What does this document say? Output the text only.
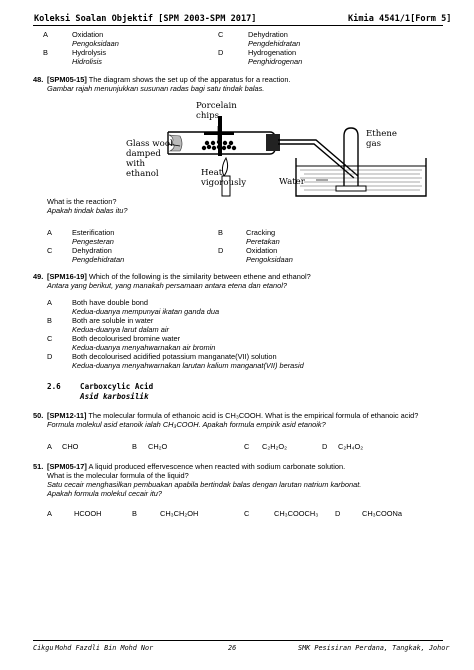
Koleksi Soalan Objektif [SPM 2003-SPM 2017]	Kimia 4541/1[Form 5]
A	Oxidation
Pengoksidaan
B	Hydrolysis
Hidrolisis
C	Dehydration
Pengdehidratan
D	Hydrogenation
Penghidrogenan
48. [SPM05-15] The diagram shows the set up of the apparatus for a reaction.
Gambar rajah menunjukkan susunan radas bagi satu tindak balas.
Porcelain
chips
Glass wool
damped
with
ethanol	Heat
vigorously	Water
Ethene
gas
What is the reaction?
Apakah tindak balas itu?
A	Esterification
Pengesteran
B	Cracking
Peretakan
C	Dehydration
Pengdehidratan
D	Oxidation
Pengoksidaan
49. [SPM16-19] Which of the following is the similarity between ethene and ethanol?
Antara yang berikut, yang manakah persamaan antara etena dan etanol?
A	Both have double bond
Kedua-duanya mempunyai ikatan ganda dua
B	Both are soluble in water
Kedua-duanya larut dalam air
C	Both decolourised bromine water
Kedua-duanya menyahwarnakan air bromin
D	Both decolourised acidified potassium manganate(VII) solution
Kedua-duanya menyahwarnakan larutan kalium manganat(VII) berasid
2.6	Carboxcylic Acid
Asid karbosilik
50. [SPM12-11] The molecular formula of ethanoic acid is CH₃COOH. What is the empirical formula of ethanoic acid?
Formula molekul asid etanoik ialah CH₃COOH. Apakah formula empirik asid etanoik?
A CHO	B CH₂O	C C₂H₂O₂	D C₂H₄O₂
51. [SPM05-17] A liquid produced effervescence when reacted with sodium carbonate solution.
What is the molecular formula of the liquid?
Satu cecair menghasilkan pembuakan apabila bertindak balas dengan larutan natrium karbonat.
Apakah formula molekul cecair itu?
A	HCOOH	B	CH₃CH₂OH	C	CH₃COOCH₃ D	CH₃COONa
Cikgu Mohd Fazdli Bin Mohd Nor	26	SMK Pesisiran Perdana, Tangkak, Johor
